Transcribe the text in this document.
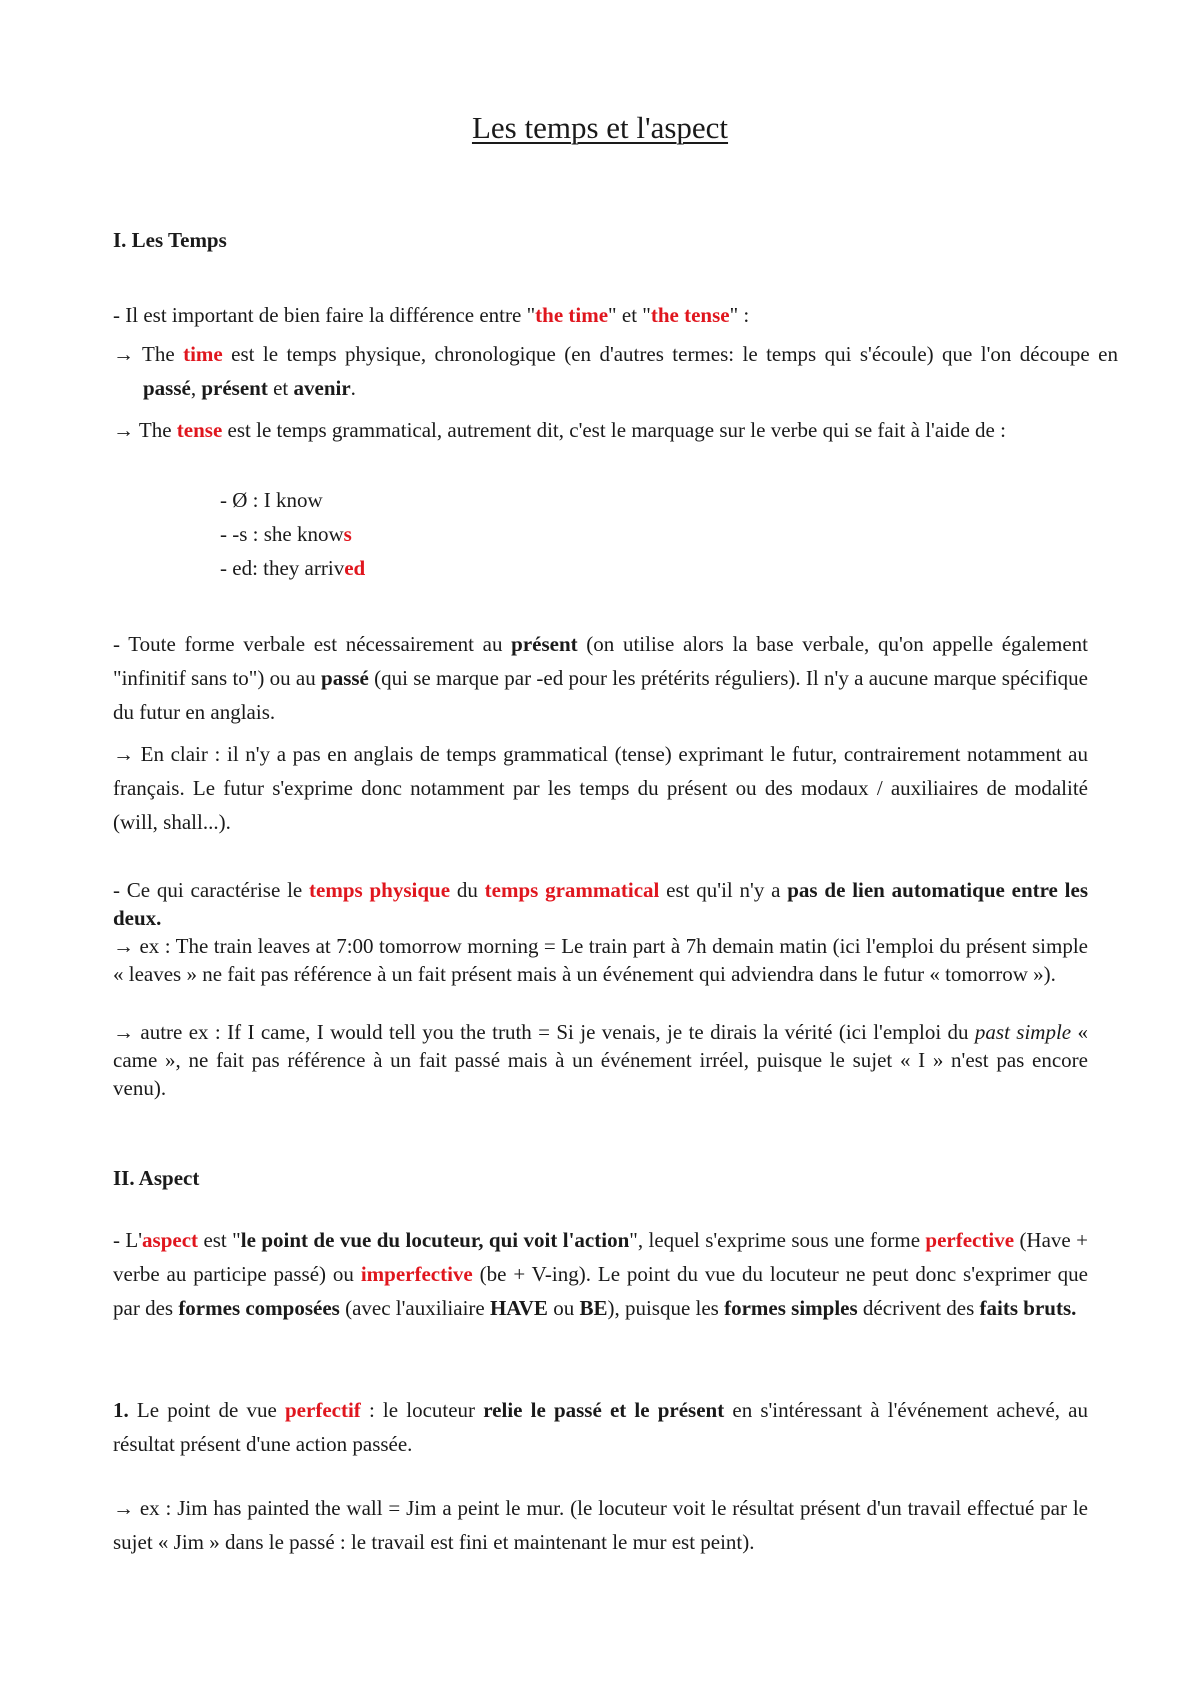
Les temps et l'aspect
I. Les Temps

- Il est important de bien faire la différence entre "the time" et "the tense" :

→ The time est le temps physique, chronologique (en d'autres termes: le temps qui s'écoule) que l'on découpe en passé, présent et avenir.

→ The tense est le temps grammatical, autrement dit, c'est le marquage sur le verbe qui se fait à l'aide de :

- Ø : I know
- -s : she knows
- ed: they arrived

- Toute forme verbale est nécessairement au présent (on utilise alors la base verbale, qu'on appelle également "infinitif sans to") ou au passé (qui se marque par -ed pour les prétérits réguliers). Il n'y a aucune marque spécifique du futur en anglais.

→ En clair : il n'y a pas en anglais de temps grammatical (tense) exprimant le futur, contrairement notamment au français. Le futur s'exprime donc notamment par les temps du présent ou des modaux / auxiliaires de modalité (will, shall...).

- Ce qui caractérise le temps physique du temps grammatical est qu'il n'y a pas de lien automatique entre les deux.

→ ex : The train leaves at 7:00 tomorrow morning = Le train part à 7h demain matin (ici l'emploi du présent simple « leaves » ne fait pas référence à un fait présent mais à un événement qui adviendra dans le futur « tomorrow »).

→ autre ex : If I came, I would tell you the truth = Si je venais, je te dirais la vérité (ici l'emploi du past simple « came », ne fait pas référence à un fait passé mais à un événement irréel, puisque le sujet « I » n'est pas encore venu).

II. Aspect

- L'aspect est "le point de vue du locuteur, qui voit l'action", lequel s'exprime sous une forme perfective (Have + verbe au participe passé) ou imperfective (be + V-ing). Le point du vue du locuteur ne peut donc s'exprimer que par des formes composées (avec l'auxiliaire HAVE ou BE), puisque les formes simples décrivent des faits bruts.

1. Le point de vue perfectif : le locuteur relie le passé et le présent en s'intéressant à l'événement achevé, au résultat présent d'une action passée.

→ ex : Jim has painted the wall = Jim a peint le mur. (le locuteur voit le résultat présent d'un travail effectué par le sujet « Jim » dans le passé : le travail est fini et maintenant le mur est peint).
